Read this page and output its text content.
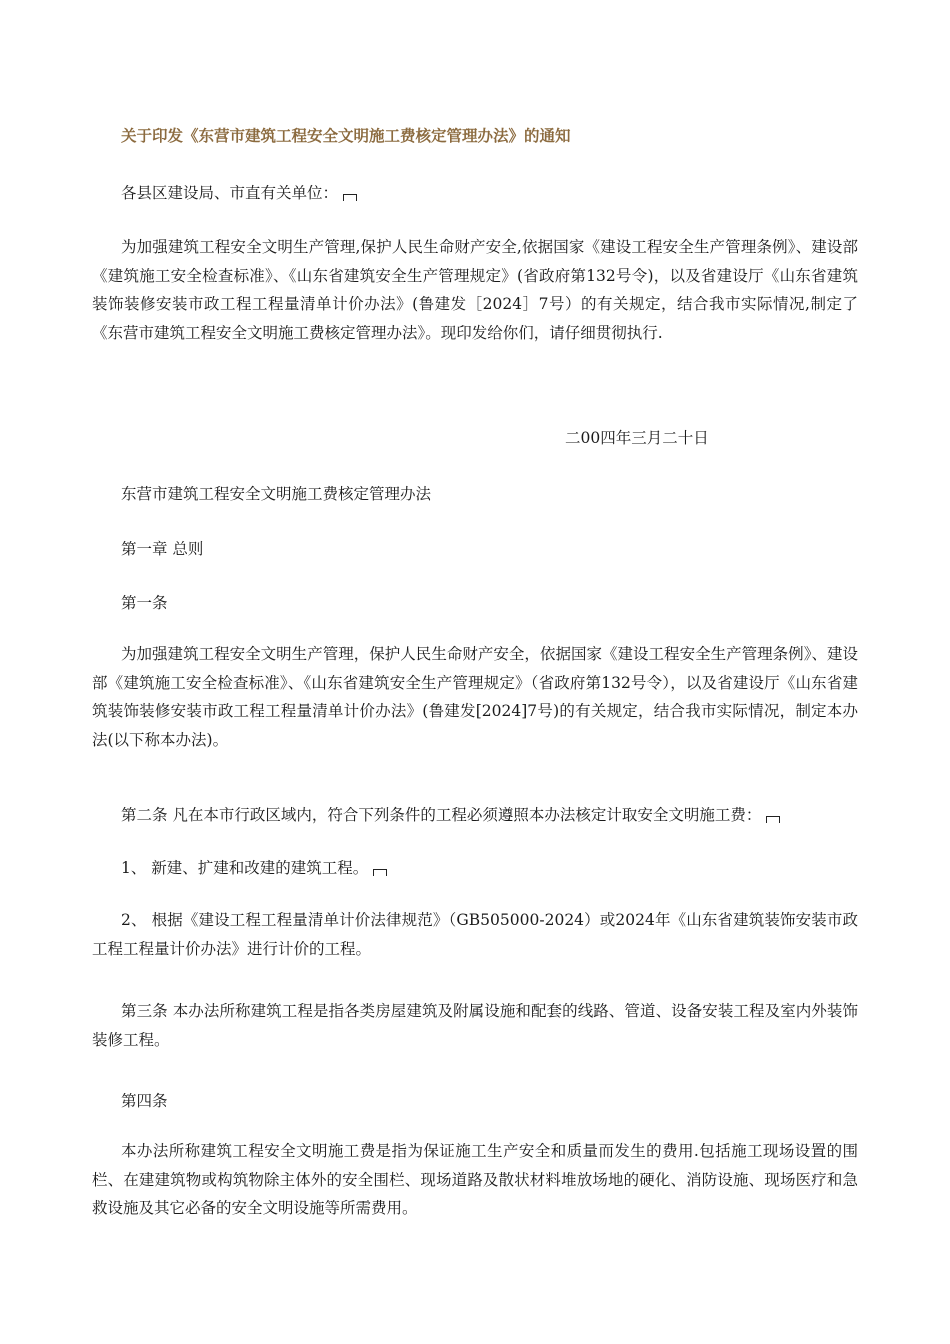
关于印发《东营市建筑工程安全文明施工费核定管理办法》的通知

各县区建设局、市直有关单位：

为加强建筑工程安全文明生产管理,保护人民生命财产安全,依据国家《建设工程安全生产管理条例》、建设部《建筑施工安全检查标准》、《山东省建筑安全生产管理规定》(省政府第132号令)，以及省建设厅《山东省建筑装饰装修安装市政工程工程量清单计价办法》(鲁建发［2024］7号）的有关规定，结合我市实际情况,制定了《东营市建筑工程安全文明施工费核定管理办法》。现印发给你们，请仔细贯彻执行.

二00四年三月二十日

东营市建筑工程安全文明施工费核定管理办法

第一章 总则

第一条

为加强建筑工程安全文明生产管理，保护人民生命财产安全，依据国家《建设工程安全生产管理条例》、建设部《建筑施工安全检查标准》、《山东省建筑安全生产管理规定》（省政府第132号令），以及省建设厅《山东省建筑装饰装修安装市政工程工程量清单计价办法》(鲁建发[2024]7号)的有关规定，结合我市实际情况，制定本办法(以下称本办法)。

第二条 凡在本市行政区域内，符合下列条件的工程必须遵照本办法核定计取安全文明施工费：

1、 新建、扩建和改建的建筑工程。

2、 根据《建设工程工程量清单计价法律规范》（GB505000-2024）或2024年《山东省建筑装饰安装市政工程工程量计价办法》进行计价的工程。

第三条 本办法所称建筑工程是指各类房屋建筑及附属设施和配套的线路、管道、设备安装工程及室内外装饰装修工程。

第四条

本办法所称建筑工程安全文明施工费是指为保证施工生产安全和质量而发生的费用.包括施工现场设置的围栏、在建建筑物或构筑物除主体外的安全围栏、现场道路及散状材料堆放场地的硬化、消防设施、现场医疗和急救设施及其它必备的安全文明设施等所需费用。
